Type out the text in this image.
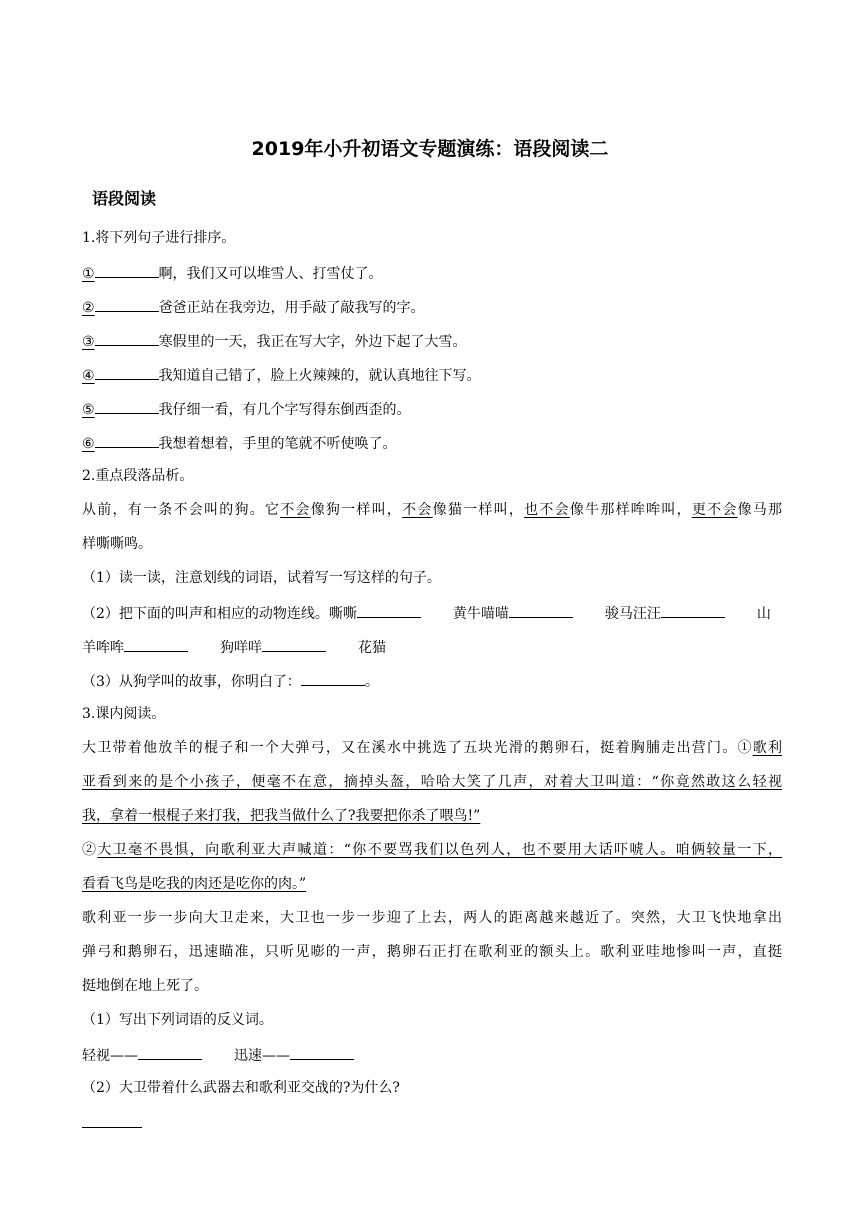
2019年小升初语文专题演练：语段阅读二
语段阅读
1.将下列句子进行排序。
①	啊，我们又可以堆雪人、打雪仗了。
②	爸爸正站在我旁边，用手敲了敲我写的字。
③	寒假里的一天，我正在写大字，外边下起了大雪。
④	我知道自己错了，脸上火辣辣的，就认真地往下写。
⑤	我仔细一看，有几个字写得东倒西歪的。
⑥	我想着想着，手里的笔就不听使唤了。
2.重点段落品析。
从前，有一条不会叫的狗。它不会像狗一样叫，不会像猫一样叫，也不会像牛那样哞哞叫，更不会像马那
样嘶嘶鸣。
（1）读一读，注意划线的词语，试着写一写这样的句子。
（2）把下面的叫声和相应的动物连线。嘶嘶	黄牛喵喵	骏马汪汪	山
羊哞哞	狗咩咩	花猫
（3）从狗学叫的故事，你明白了：	。
3.课内阅读。
大卫带着他放羊的棍子和一个大弹弓，又在溪水中挑选了五块光滑的鹅卵石，挺着胸脯走出营门。①歌利
亚看到来的是个小孩子，便毫不在意，摘掉头盔，哈哈大笑了几声，对着大卫叫道：“你竟然敢这么轻视
我，拿着一根棍子来打我，把我当做什么了?我要把你杀了喂鸟!”
②大卫毫不畏惧，向歌利亚大声喊道：“你不要骂我们以色列人，也不要用大话吓唬人。咱俩较量一下，
看看飞鸟是吃我的肉还是吃你的肉。”
歌利亚一步一步向大卫走来，大卫也一步一步迎了上去，两人的距离越来越近了。突然，大卫飞快地拿出
弹弓和鹅卵石，迅速瞄准，只听见嘭的一声，鹅卵石正打在歌利亚的额头上。歌利亚哇地惨叫一声，直挺
挺地倒在地上死了。
（1）写出下列词语的反义词。
轻视——	迅速——
（2）大卫带着什么武器去和歌利亚交战的?为什么?
